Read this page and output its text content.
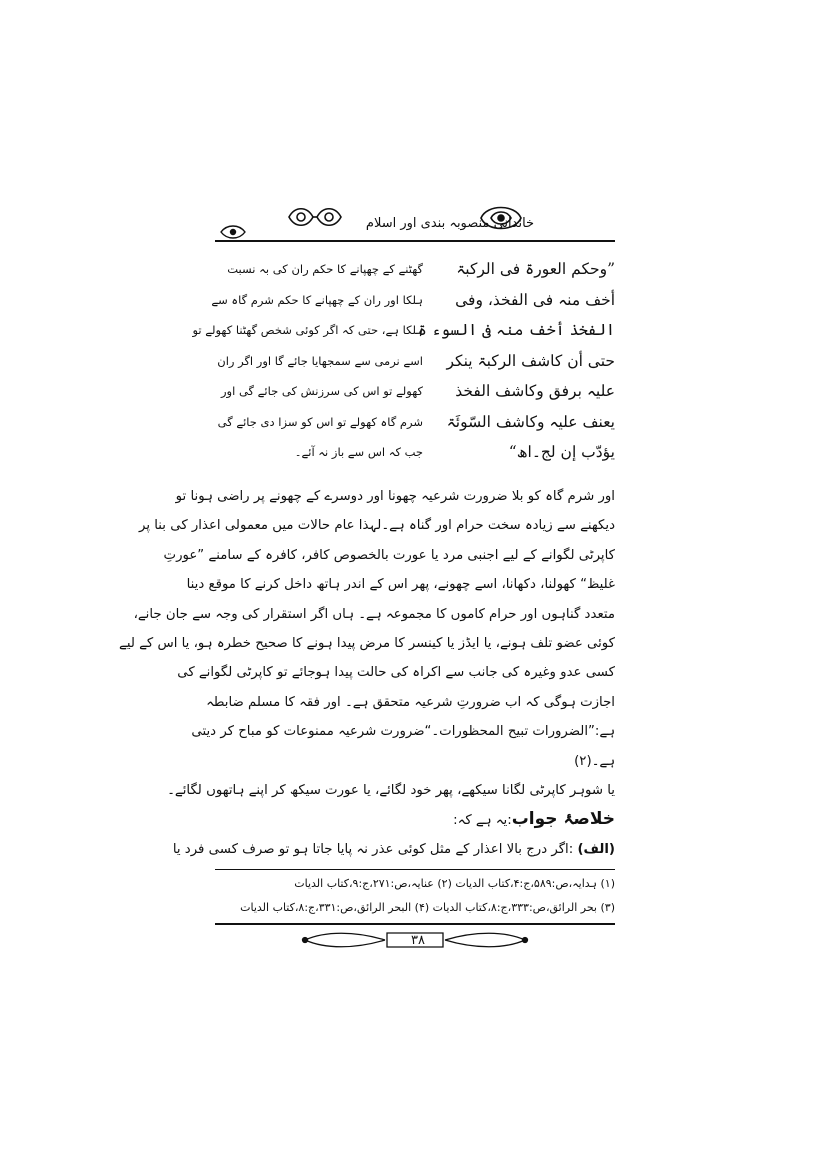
خاندانی منصوبہ بندی اور اسلام
”وحکم العورۃ فی الرکبۃ
أخف منہ فی الفخذ، وفی
الفخذ أخف منہ فی السوء ۃ
حتی أن کاشف الرکبۃ ینکر
علیہ برفق وکاشف الفخذ
یعنف علیہ وکاشف السّوئَۃ
یؤدّب إن لج۔اھ“
گھٹنے کے چھپانے کا حکم ران کی بہ نسبت
ہلکا اور ران کے چھپانے کا حکم شرم گاہ سے
ہلکا ہے، حتی کہ اگر کوئی شخص گھٹنا کھولے تو
اسے نرمی سے سمجھایا جائے گا اور اگر ران
کھولے تو اس کی سرزنش کی جائے گی اور
شرم گاہ کھولے تو اس کو سزا دی جائے گی
جب کہ اس سے باز نہ آئے۔
اور شرم گاہ کو بلا ضرورت شرعیہ چھونا اور دوسرے کے چھونے پر راضی ہونا تو
دیکھنے سے زیادہ سخت حرام اور گناہ ہے۔لہذا عام حالات میں معمولی اعذار کی بنا پر
کاپرٹی لگوانے کے لیے اجنبی مرد یا عورت بالخصوص کافر، کافرہ کے سامنے ”عورتِ
غلیظ“ کھولنا، دکھانا، اسے چھونے، پھر اس کے اندر ہاتھ داخل کرنے کا موقع دینا
متعدد گناہوں اور حرام کاموں کا مجموعہ ہے۔ ہاں اگر استقرار کی وجہ سے جان جانے،
کوئی عضو تلف ہونے، یا ایڈز یا کینسر کا مرض پیدا ہونے کا صحیح خطرہ ہو، یا اس کے لیے
کسی عدو وغیرہ کی جانب سے اکراہ کی حالت پیدا ہوجائے تو کاپرٹی لگوانے کی
اجازت ہوگی کہ اب ضرورتِ شرعیہ متحقق ہے۔ اور فقہ کا مسلم ضابطہ
ہے:”الضرورات تبیح المحظورات۔“ضرورت شرعیہ ممنوعات کو مباح کر دیتی
ہے۔(۲)
یا شوہر کاپرٹی لگانا سیکھے، پھر خود لگائے، یا عورت سیکھ کر اپنے ہاتھوں لگائے۔
خلاصۂ جواب:یہ ہے کہ:
(الف) :اگر درج بالا اعذار کے مثل کوئی عذر نہ پایا جاتا ہو تو صرف کسی فرد یا
(۱) ہدایہ،ص:۵۸۹،ج:۴،کتاب الدیات (۲) عنایہ،ص:۲۷۱،ج:۹،کتاب الدیات
(۳) بحر الرائق،ص:۳۳۳،ج:۸،کتاب الدیات (۴) البحر الرائق،ص:۳۳۱،ج:۸،کتاب الدیات
۳۸
